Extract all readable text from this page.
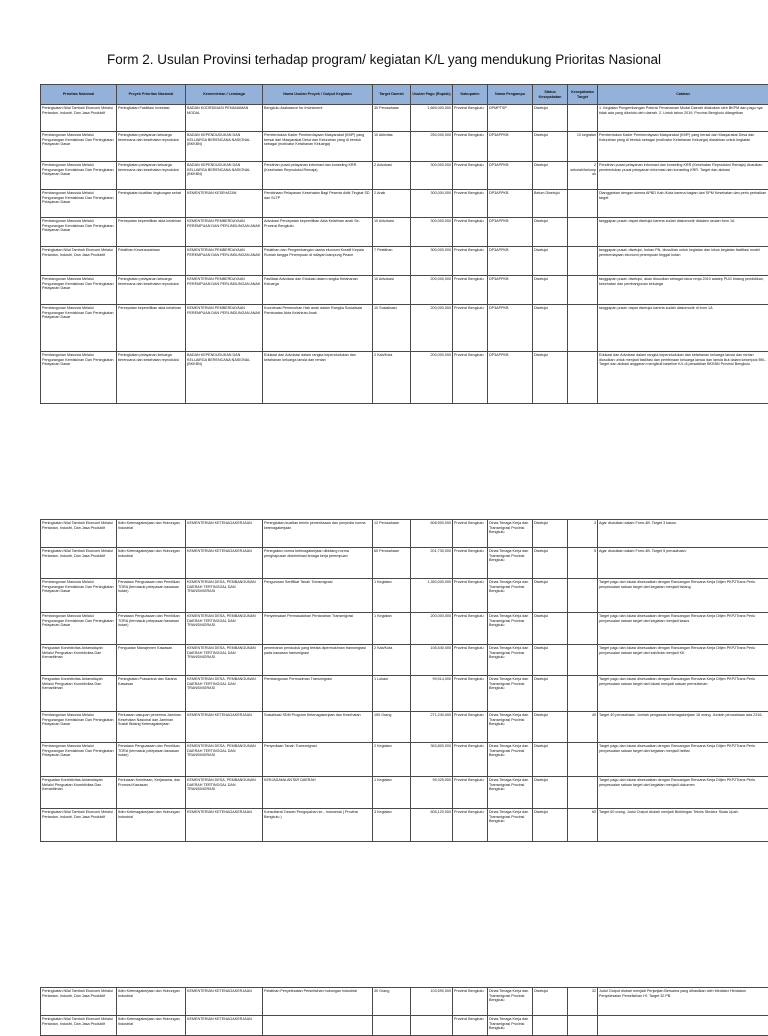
Form 2. Usulan Provinsi terhadap program/ kegiatan K/L yang mendukung Prioritas Nasional
Prioritas Nasional	Proyek Prioritas Nasional	Kementerian / Lembaga	Nama Usulan Proyek / Output Kegiatan	Target Daerah	Usulan Pagu (Rupiah)	Kabupaten	Nama Pengampu	Status Kesepakatan	Kesepakatan Target	Catatan
Peningkatan Nilai Tambah Ekonomi Melalui Pertanian, Industri, Dan Jasa Produktif	Peningkatan Fasilitasi Investasi	BADAN KOORDINASI PENANAMAN MODAL	Bengkulu Assistance for Investment	30 Perusahaan	1,665,000,000	Provinsi Bengkulu	DPMPTSP	Disetujui		1. Kegiatan Pengembangan Potensi Penanaman Modal Daerah dilakukan oleh BKPM dan pagu nya tidak ada yang dikelola oleh daerah. 2. Untuk tahun 2019, Provinsi Bengkulu ditargetkan
Pembangunan Manusia Melalui Pengurangan Kemiskinan Dan Peningkatan Pelayanan Dasar	Peningkatan pelayanan keluarga berencana dan kesehatan reproduksi	BADAN KEPENDUDUKAN DAN KELUARGA BERENCANA NASIONAL (BKKBN)	Pembentukan Kader Pemberdayaan Masyarakat (KMP) yang bersal dari Masyarakat Desa dan Kelurahan yang di bentuk sebagai (motivator Ketahanan Keluarga)	10 Aktivitas	250,000,000	Provinsi Bengkulu	DP3APPKB	Disetujui	10 kegiatan	Pembentukan Kader Pemberdayaan Masyarakat (KMP) yang bersal dari Masyarakat Desa dan Kelurahan yang di bentuk sebagai (motivator Ketahanan Keluarga) diarahkan untuk kegiatan
Pembangunan Manusia Melalui Pengurangan Kemiskinan Dan Peningkatan Pelayanan Dasar	Peningkatan pelayanan keluarga berencana dan kesehatan reproduksi	BADAN KEPENDUDUKAN DAN KELUARGA BERENCANA NASIONAL (BKKBN)	Pendirian pusat pelayanan informasi dan konseling KRR (Kesehatan Reproduksi Remaja)	2 Advokasi	300,000,000	Provinsi Bengkulu	DP3APPKB	Disetujui	2 sekolah/kelompok	Pendirian pusat pelayanan informasi dan konseling KRR (Kesehatan Reproduksi Remaja) diusulkan pembentukan pusat pelayanan informasi dan konseling KRR. Target dan alokasi
Pembangunan Manusia Melalui Pengurangan Kemiskinan Dan Peningkatan Pelayanan Dasar	Peningkatan kualitas lingkungan sehat	KEMENTERIAN KESEHATAN	Pembinaan Pelayanan Kesehatan Bagi Peserta didik Tingkat SD dan SLTP	2 Anak	300,000,000	Provinsi Bengkulu	DP3APPKB	Belum Disetujui		Dianggarkan dengan skema APBD Kab./Kota karena bagian dari SPM Kesehatan dan perlu perbaikan target
Pembangunan Manusia Melalui Pengurangan Kemiskinan Dan Peningkatan Pelayanan Dasar	Percepatan kepemilikan akta kelahiran	KEMENTERIAN PEMBERDAYAAN PEREMPUAN DAN PERLINDUNGAN ANAK	Advokasi Percepatan kepemilikan Akta Kelahiran anak Se-Provinsi Bengkulu	10 Advokasi	300,000,000	Provinsi Bengkulu	DP3APPKB	Disetujui		tanggapan pusat: dapat disetujui karena sudah diakomodir didalam usulan form 1A
Peningkatan Nilai Tambah Ekonomi Melalui Pertanian, Industri, Dan Jasa Produktif	Pelatihan Kewirausahaan	KEMENTERIAN PEMBERDAYAAN PEREMPUAN DAN PERLINDUNGAN ANAK	Pelatihan dan Pengembangan usaha ekonomi Kreatif Kepala Rumah tangga Perempuan di wilayah kampung Peace	7 Pelatihan	300,000,000	Provinsi Bengkulu	DP3APPKB	Disetujui		tanggapan pusat: disetujui, bukan PN, diusulkan untuk kegiatan dan lokus kegiatan fasilitasi model pemberdayaan ekonomi perempuan tinggal hutan
Pembangunan Manusia Melalui Pengurangan Kemiskinan Dan Peningkatan Pelayanan Dasar	Peningkatan pelayanan keluarga berencana dan kesehatan reproduksi	KEMENTERIAN PEMBERDAYAAN PEREMPUAN DAN PERLINDUNGAN ANAK	Fasilitasi Advokasi dan Edukasi dalam rangka Ketahanan Keluarga	10 Advokasi	200,000,000	Provinsi Bengkulu	DP3APPKB	Disetujui		tanggapan pusat: disetujui, akan diusulkan sebagai lokus renja 2019 adalep PUG bidang pendidikan, kesehatan dan pembangunan keluarga
Pembangunan Manusia Melalui Pengurangan Kemiskinan Dan Peningkatan Pelayanan Dasar	Percepatan kepemilikan akta kelahiran	KEMENTERIAN PEMBERDAYAAN PEREMPUAN DAN PERLINDUNGAN ANAK	Koordinasi Pemenuhan Hak anak dalam Rangka Sosialisasi Pembuatan Akta Kelahiran Anak	10 Sosialisasi	200,000,000	Provinsi Bengkulu	DP3APPKB	Disetujui		tanggapan pusat: dapat disetujui karena sudah diakomodir di form 1A
Pembangunan Manusia Melalui Pengurangan Kemiskinan Dan Peningkatan Pelayanan Dasar	Peningkatan pelayanan keluarga berencana dan kesehatan reproduksi	BADAN KEPENDUDUKAN DAN KELUARGA BERENCANA NASIONAL (BKKBN)	Edukasi dan Advokasi dalam rangka kependudukan dan ketahanan keluarga lansia dan rentan	2 Kab/Kota	200,000,000	Provinsi Bengkulu	DP3APPKB	Disetujui		Edukasi dan Advokasi dalam rangka kependudukan dan ketahanan keluarga lansia dan rentan diusulkan untuk menjadi fasilitasi dan pembinaan keluarga lansia dan lansia ikut dalam kelompok BKL. Target dan alokasi anggaran mengikuti baseline K/L di perwakilan BKKBN Provinsi Bengkulu
Peningkatan Nilai Tambah Ekonomi Melalui Pertanian, Industri, Dan Jasa Produktif	Iklim Ketenagakerjaan dan Hubungan Industrial	KEMENTERIAN KETENAGAKERJAAN	Peningkatan kualitas teknis pemeriksaan dan penyedia norma ketenagakerjaan	12 Perusahaan	608,900,000	Provinsi Bengkulu	Dinas Tenaga Kerja dan Transmigrasi Provinsi Bengkulu	Disetujui	3	Agar diusulkan dalam Form-4B. Target 3 kasus.
Peningkatan Nilai Tambah Ekonomi Melalui Pertanian, Industri, Dan Jasa Produktif	Iklim Ketenagakerjaan dan Hubungan Industrial	KEMENTERIAN KETENAGAKERJAAN	Penegakan norma ketenagakerjaan dibidang norma penghapusan diskriminasi tenaga kerja perempuan	60 Perusahaan	201,730,000	Provinsi Bengkulu	Dinas Tenaga Kerja dan Transmigrasi Provinsi Bengkulu	Disetujui	5	Agar diusulkan dalam Form-4B. Target 5 perusahaan.
Pembangunan Manusia Melalui Pengurangan Kemiskinan Dan Peningkatan Pelayanan Dasar	Penataan Penguasaan dan Pemilikan TORA (termasuk pelepasan kawasan hutan)	KEMENTERIAN DESA, PEMBANGUNAN DAERAH TERTINGGAL DAN TRANSMIGRASI	Pengurusan Sertifikat Tanah Transmigrasi	1 Kegiatan	1,350,000,000	Provinsi Bengkulu	Dinas Tenaga Kerja dan Transmigrasi Provinsi Bengkulu	Disetujui		Target pagu dan lokasi disesuaikan dengan Rancangan Rencana Kerja Ditjen PKP2Trans Perlu penyesuaian satuan target dari kegiatan menjadi bidang
Pembangunan Manusia Melalui Pengurangan Kemiskinan Dan Peningkatan Pelayanan Dasar	Penataan Penguasaan dan Pemilikan TORA (termasuk pelepasan kawasan hutan)	KEMENTERIAN DESA, PEMBANGUNAN DAERAH TERTINGGAL DAN TRANSMIGRASI	Penyelesaian Permasalahan Pertanahan Transmigrasi	1 Kegiatan	200,000,000	Provinsi Bengkulu	Dinas Tenaga Kerja dan Transmigrasi Provinsi Bengkulu	Disetujui		Target pagu dan lokasi disesuaikan dengan Rancangan Rencana Kerja Ditjen PKP2Trans Perlu penyesuaian satuan target dari kegiatan menjadi kasus
Penguatan Konektivitas Antarwilayah Melalui Penguatan Konektivitas Dan Kemaritiman	Penguatan Manajemen Kawasan	KEMENTERIAN DESA, PEMBANGUNAN DAERAH TERTINGGAL DAN TRANSMIGRASI	penerbaran penduduk yang tertata dipermukiman transmigrasi pada kawasan transmigrasi	2 Kab/Kota	106,540,000	Provinsi Bengkulu	Dinas Tenaga Kerja dan Transmigrasi Provinsi Bengkulu	Disetujui		Target pagu dan lokasi disesuaikan dengan Rancangan Rencana Kerja Ditjen PKP2Trans Perlu penyesuaian satuan target dari kab/kota menjadi KK
Penguatan Konektivitas Antarwilayah Melalui Penguatan Konektivitas Dan Kemaritiman	Peningkatan Prasarana dan Sarana Kawasan	KEMENTERIAN DESA, PEMBANGUNAN DAERAH TERTINGGAL DAN TRANSMIGRASI	Pembangunan Permukiman Transmigrasi	1 Lokasi	99,514,000	Provinsi Bengkulu	Dinas Tenaga Kerja dan Transmigrasi Provinsi Bengkulu	Disetujui		Target pagu dan lokasi disesuaikan dengan Rancangan Rencana Kerja Ditjen PKP2Trans Perlu penyesuaian satuan target dari lokasi menjadi satuan permukiman
Pembangunan Manusia Melalui Pengurangan Kemiskinan Dan Peningkatan Pelayanan Dasar	Perluasan cakupan penerima Jaminan Kesehatan Nasional dan Jaminan Sosial Bidang Ketenagakerjaan	KEMENTERIAN KETENAGAKERJAAN	Sosialisasi SDM Program Ketenagakerjaan dan Kesehatan	150 Orang	271,240,000	Provinsi Bengkulu	Dinas Tenaga Kerja dan Transmigrasi Provinsi Bengkulu	Disetujui	40	Target 40 perusahaan. Jumlah pengawas ketenagakerjaan 16 orang. Jumlah perusahaan ada 2316.
Pembangunan Manusia Melalui Pengurangan Kemiskinan Dan Peningkatan Pelayanan Dasar	Penataan Penguasaan dan Pemilikan TORA (termasuk pelepasan kawasan hutan)	KEMENTERIAN DESA, PEMBANGUNAN DAERAH TERTINGGAL DAN TRANSMIGRASI	Penyediaan Tanah Transmigrasi	2 Kegiatan	363,800,000	Provinsi Bengkulu	Dinas Tenaga Kerja dan Transmigrasi Provinsi Bengkulu	Disetujui		Target pagu dan lokasi disesuaikan dengan Rancangan Rencana Kerja Ditjen PKP2Trans Perlu penyesuaian satuan target dari kegiatan menjadi hektar
Penguatan Konektivitas Antarwilayah Melalui Penguatan Konektivitas Dan Kemaritiman	Perluasan Kemitraan, Kerjasama, dan Promosi Kawasan	KEMENTERIAN DESA, PEMBANGUNAN DAERAH TERTINGGAL DAN TRANSMIGRASI	KERJASAMA ANTAR DAERAH	1 Kegiatan	99,325,000	Provinsi Bengkulu	Dinas Tenaga Kerja dan Transmigrasi Provinsi Bengkulu	Disetujui		Target pagu dan lokasi disesuaikan dengan Rancangan Rencana Kerja Ditjen PKP2Trans Perlu penyesuaian satuan target dari kegiatan menjadi dokumen
Peningkatan Nilai Tambah Ekonomi Melalui Pertanian, Industri, Dan Jasa Produktif	Iklim Ketenagakerjaan dan Hubungan Industrial	KEMENTERIAN KETENAGAKERJAAN	Konsultansi Dewan Pengupahan se - Indonesia ( Provinsi Bengkulu )	3 Kegiatan	605,120,000	Provinsi Bengkulu	Dinas Tenaga Kerja dan Transmigrasi Provinsi Bengkulu	Disetujui	60	Target 60 orang. Judul Output diubah menjadi Bimbingan Teknis Struktur Skala Upah.
Peningkatan Nilai Tambah Ekonomi Melalui Pertanian, Industri, Dan Jasa Produktif	Iklim Ketenagakerjaan dan Hubungan Industrial	KEMENTERIAN KETENAGAKERJAAN	Pelatihan Penyelesaian Perselisihan hubungan industrial	30 Orang	103,590,000	Provinsi Bengkulu	Dinas Tenaga Kerja dan Transmigrasi Provinsi Bengkulu	Disetujui	32	Judul Output diubah menjadi Perjanjian Bersama yang dihasilkan oleh Mediator Hb/dalam Penyelesaian Perselisihan HI. Target 32 PB.
Peningkatan Nilai Tambah Ekonomi Melalui Pertanian, Industri, Dan Jasa Produktif	Iklim Ketenagakerjaan dan Hubungan Industrial	KEMENTERIAN KETENAGAKERJAAN				Provinsi Bengkulu	Dinas Tenaga Kerja dan Transmigrasi Provinsi Bengkulu			
